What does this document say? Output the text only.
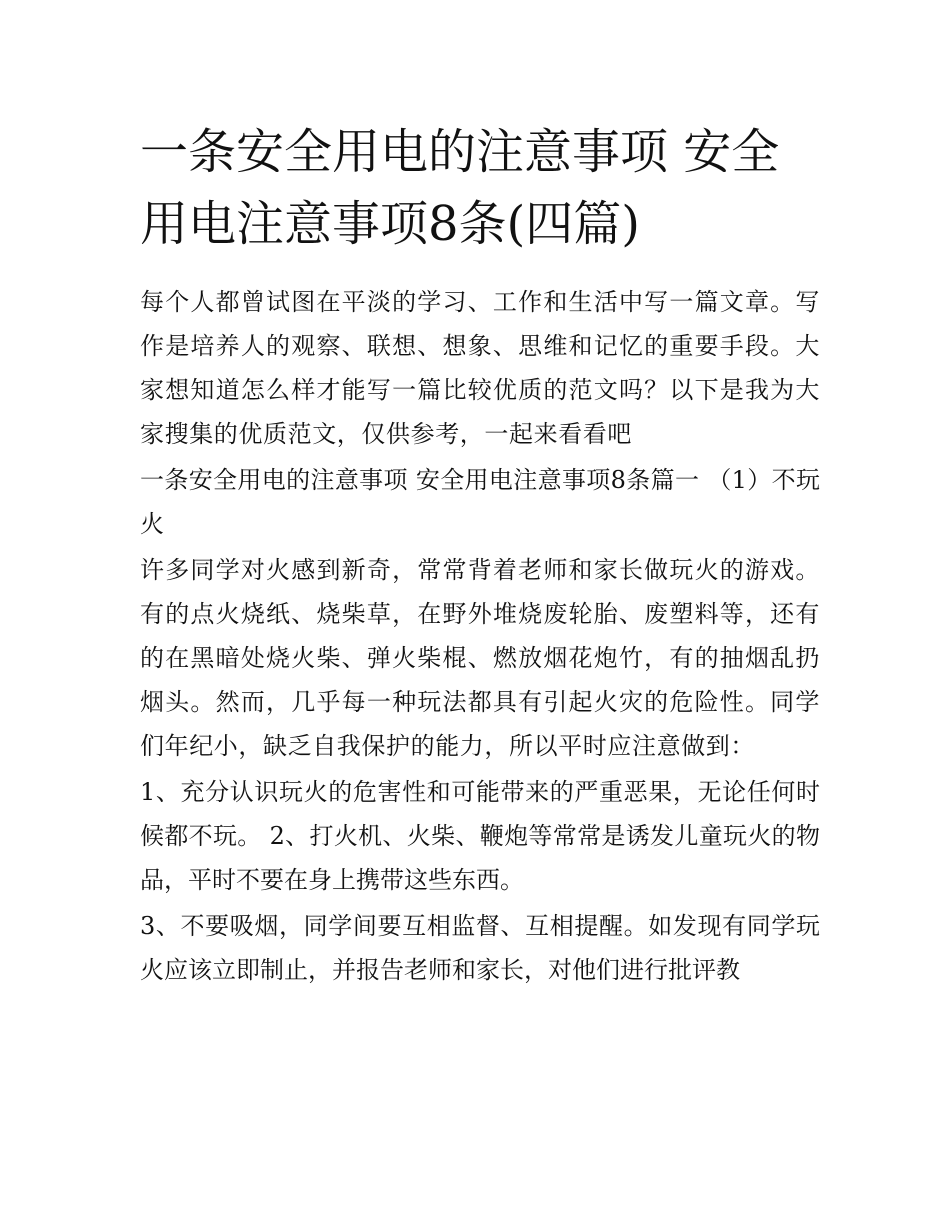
一条安全用电的注意事项 安全用电注意事项8条(四篇)

每个人都曾试图在平淡的学习、工作和生活中写一篇文章。写作是培养人的观察、联想、想象、思维和记忆的重要手段。大家想知道怎么样才能写一篇比较优质的范文吗？以下是我为大家搜集的优质范文，仅供参考，一起来看看吧

一条安全用电的注意事项 安全用电注意事项8条篇一 （1）不玩火

许多同学对火感到新奇，常常背着老师和家长做玩火的游戏。有的点火烧纸、烧柴草，在野外堆烧废轮胎、废塑料等，还有的在黑暗处烧火柴、弹火柴棍、燃放烟花炮竹，有的抽烟乱扔烟头。然而，几乎每一种玩法都具有引起火灾的危险性。同学们年纪小，缺乏自我保护的能力，所以平时应注意做到：

1、充分认识玩火的危害性和可能带来的严重恶果，无论任何时候都不玩。 2、打火机、火柴、鞭炮等常常是诱发儿童玩火的物品，平时不要在身上携带这些东西。

3、不要吸烟，同学间要互相监督、互相提醒。如发现有同学玩火应该立即制止，并报告老师和家长，对他们进行批评教
